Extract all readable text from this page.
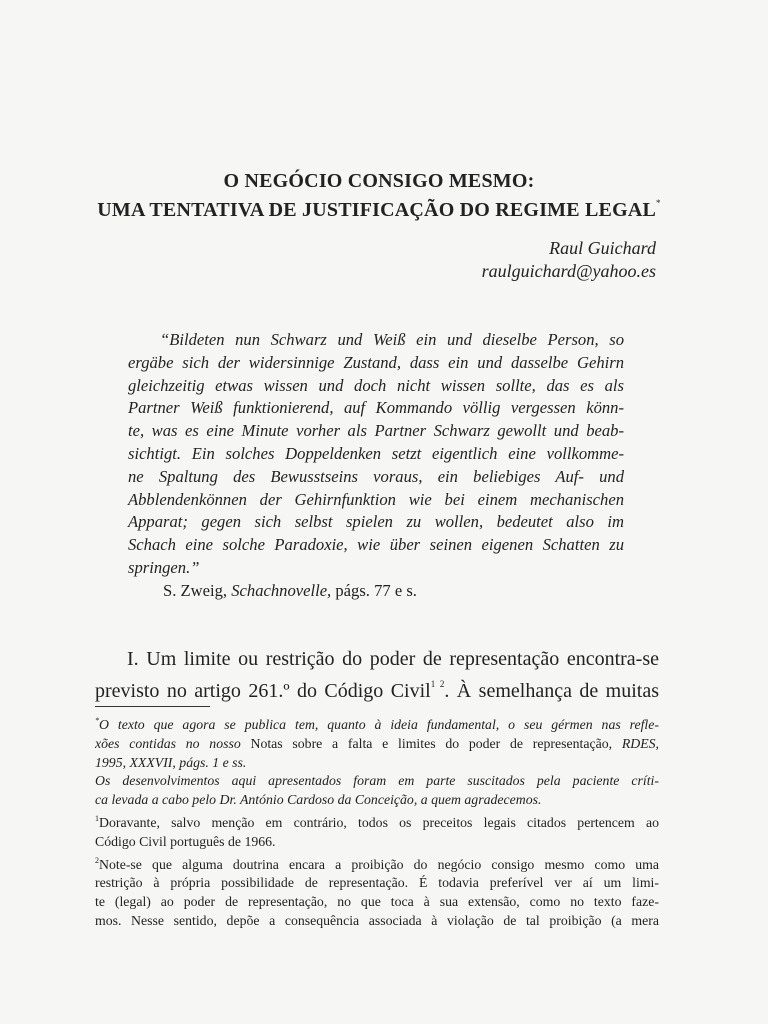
O NEGÓCIO CONSIGO MESMO:
UMA TENTATIVA DE JUSTIFICAÇÃO DO REGIME LEGAL*
Raul Guichard
raulguichard@yahoo.es
“Bildeten nun Schwarz und Weiß ein und dieselbe Person, so
ergäbe sich der widersinnige Zustand, dass ein und dasselbe Gehirn
gleichzeitig etwas wissen und doch nicht wissen sollte, das es als
Partner Weiß funktionierend, auf Kommando völlig vergessen könn-
te, was es eine Minute vorher als Partner Schwarz gewollt und beab-
sichtigt. Ein solches Doppeldenken setzt eigentlich eine vollkomme-
ne Spaltung des Bewusstseins voraus, ein beliebiges Auf- und
Abblendenkönnen der Gehirnfunktion wie bei einem mechanischen
Apparat; gegen sich selbst spielen zu wollen, bedeutet also im
Schach eine solche Paradoxie, wie über seinen eigenen Schatten zu
springen.”
S. Zweig, Schachnovelle, págs. 77 e s.
I. Um limite ou restrição do poder de representação encontra-se
previsto no artigo 261.º do Código Civil$^{1 2}$. À semelhança de muitas
*O texto que agora se publica tem, quanto à ideia fundamental, o seu gérmen nas refle-
xões contidas no nosso Notas sobre a falta e limites do poder de representação, RDES,
1995, XXXVII, págs. 1 e ss.
Os desenvolvimentos aqui apresentados foram em parte suscitados pela paciente críti-
ca levada a cabo pelo Dr. António Cardoso da Conceição, a quem agradecemos.
$^1$Doravante, salvo menção em contrário, todos os preceitos legais citados pertencem ao
Código Civil português de 1966.
$^2$Note-se que alguma doutrina encara a proibição do negócio consigo mesmo como uma
restrição à própria possibilidade de representação. É todavia preferível ver aí um limi-
te (legal) ao poder de representação, no que toca à sua extensão, como no texto faze-
mos. Nesse sentido, depõe a consequência associada à violação de tal proibição (a mera
